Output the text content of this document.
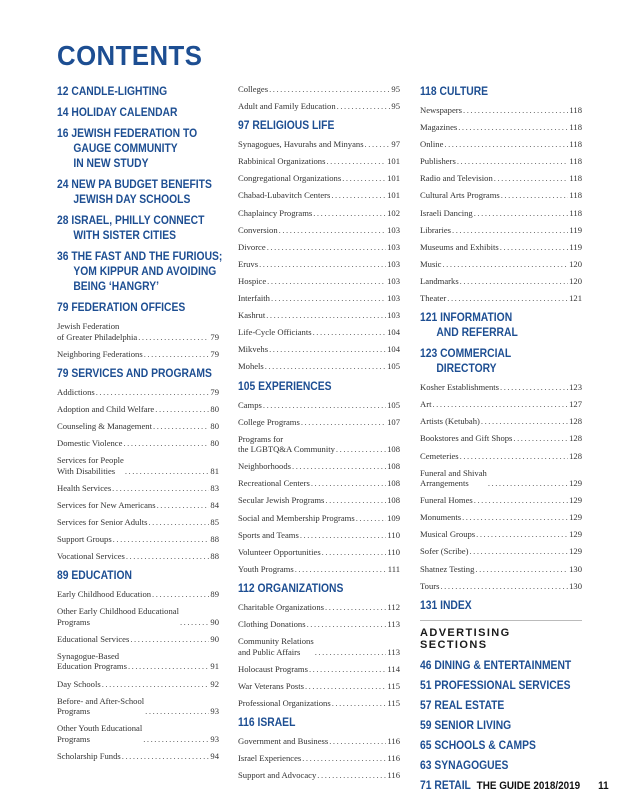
CONTENTS
12 CANDLE-LIGHTING
14 HOLIDAY CALENDAR
16 JEWISH FEDERATION TO
GAUGE COMMUNITY
IN NEW STUDY
24 NEW PA BUDGET BENEFITS
JEWISH DAY SCHOOLS
28 ISRAEL, PHILLY CONNECT
WITH SISTER CITIES
36 THE FAST AND THE FURIOUS;
YOM KIPPUR AND AVOIDING
BEING ‘HANGRY’
79 FEDERATION OFFICES
Jewish Federation
of Greater Philadelphia . . .	79
Neighboring Federations . . .	79
79 SERVICES AND PROGRAMS
Addictions . . .	79
Adoption and Child Welfare . . .	80
Counseling & Management . . .	80
Domestic Violence . . .	80
Services for People
With Disabilities . . .	81
Health Services . . .	83
Services for New Americans . . .	84
Services for Senior Adults . . .	85
Support Groups . . .	88
Vocational Services . . .	88
89 EDUCATION
Early Childhood Education . . .	89
Other Early Childhood Educational
Programs . . .	90
Educational Services . . .	90
Synagogue-Based
Education Programs . . .	91
Day Schools . . .	92
Before- and After-School
Programs . . .	93
Other Youth Educational
Programs . . .	93
Scholarship Funds . . .	94
Colleges . . .	95
Adult and Family Education . . .	95
97 RELIGIOUS LIFE
Synagogues, Havurahs and Minyans . . .	97
Rabbinical Organizations . . .	101
Congregational Organizations . . .	101
Chabad-Lubavitch Centers . . .	101
Chaplaincy Programs . . .	102
Conversion . . .	103
Divorce . . .	103
Eruvs . . .	103
Hospice . . .	103
Interfaith . . .	103
Kashrut . . .	103
Life-Cycle Officiants . . .	104
Mikvehs . . .	104
Mohels . . .	105
105 EXPERIENCES
Camps . . .	105
College Programs . . .	107
Programs for
the LGBTQ&A Community . . .	108
Neighborhoods . . .	108
Recreational Centers . . .	108
Secular Jewish Programs . . .	108
Social and Membership Programs . . .	109
Sports and Teams . . .	110
Volunteer Opportunities . . .	110
Youth Programs . . .	111
112 ORGANIZATIONS
Charitable Organizations . . .	112
Clothing Donations . . .	113
Community Relations
and Public Affairs . . .	113
Holocaust Programs . . .	114
War Veterans Posts . . .	115
Professional Organizations . . .	115
116 ISRAEL
Government and Business . . .	116
Israel Experiences . . .	116
Support and Advocacy . . .	116
118 CULTURE
Newspapers . . .	118
Magazines . . .	118
Online . . .	118
Publishers . . .	118
Radio and Television . . .	118
Cultural Arts Programs . . .	118
Israeli Dancing . . .	118
Libraries . . .	119
Museums and Exhibits . . .	119
Music . . .	120
Landmarks . . .	120
Theater . . .	121
121 INFORMATION
AND REFERRAL
123 COMMERCIAL
DIRECTORY
Kosher Establishments . . .	123
Art . . .	127
Artists (Ketubah) . . .	128
Bookstores and Gift Shops . . .	128
Cemeteries . . .	128
Funeral and Shivah
Arrangements . . .	129
Funeral Homes . . .	129
Monuments . . .	129
Musical Groups . . .	129
Sofer (Scribe) . . .	129
Shatnez Testing . . .	130
Tours . . .	130
131 INDEX
ADVERTISING SECTIONS
46 DINING & ENTERTAINMENT
51 PROFESSIONAL SERVICES
57 REAL ESTATE
59 SENIOR LIVING
65 SCHOOLS & CAMPS
63 SYNAGOGUES
71 RETAIL THE GUIDE 2018/2019 11
